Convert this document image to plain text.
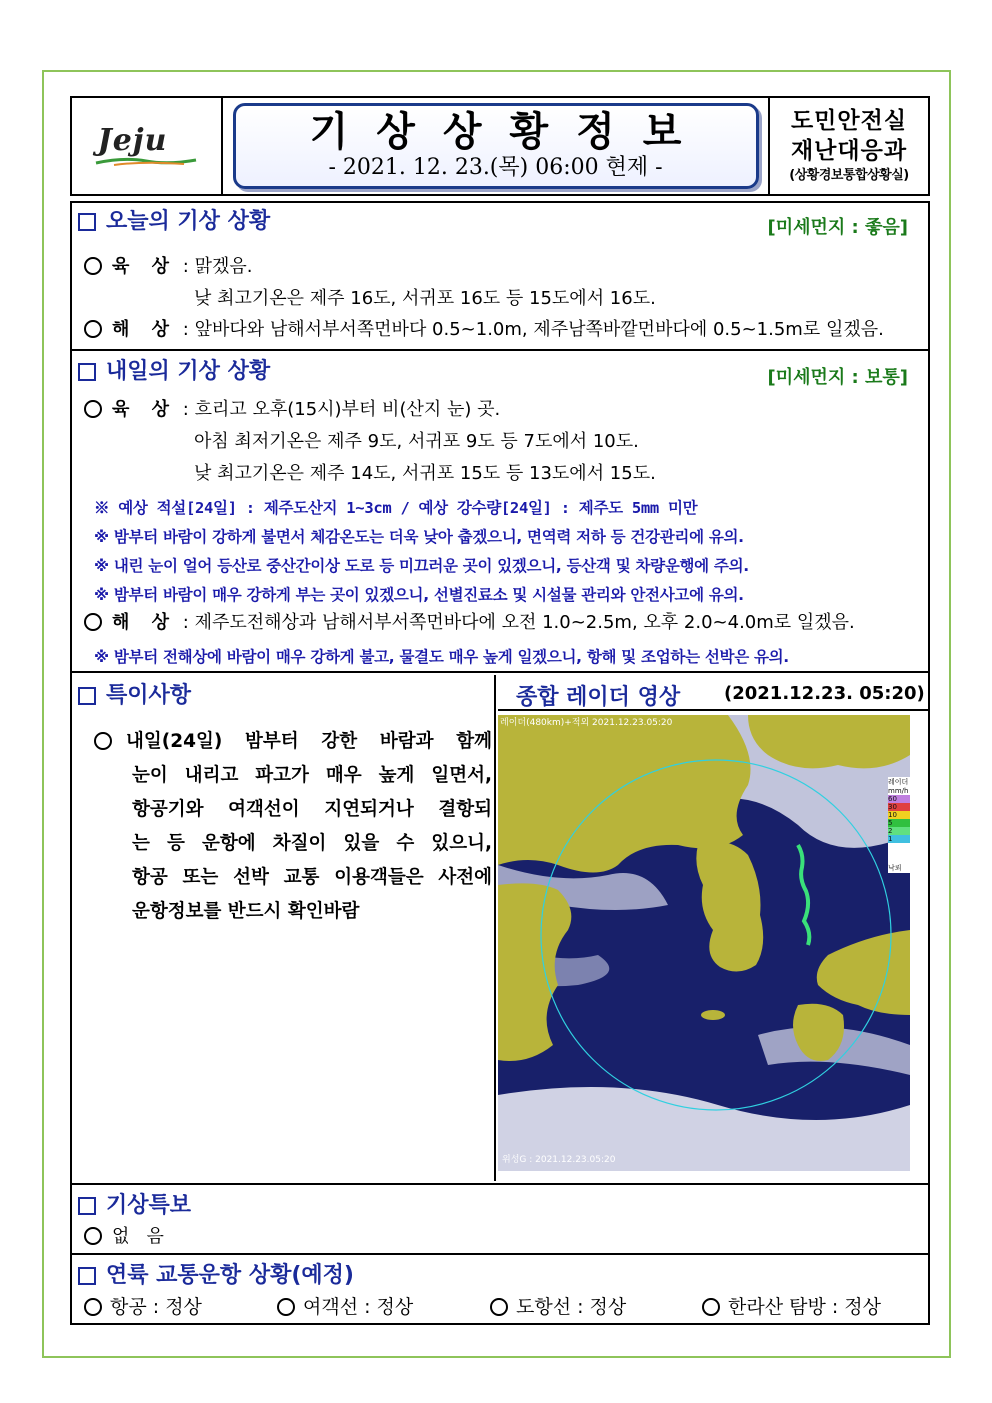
Jeju	기상상황정보
- 2021. 12. 23.(목) 06:00 현제 -
도민안전실
재난대응과
(상황경보통합상황실)
오늘의 기상 상황	[미세먼지 : 좋음]
육 상 : 맑겠음.
낮 최고기온은 제주 16도, 서귀포 16도 등 15도에서 16도.
해 상 : 앞바다와 남해서부서쪽먼바다 0.5~1.0m, 제주남쪽바깥먼바다에 0.5~1.5m로 일겠음.
내일의 기상 상황	[미세먼지 : 보통]
육 상 : 흐리고 오후(15시)부터 비(산지 눈) 곳.
아침 최저기온은 제주 9도, 서귀포 9도 등 7도에서 10도.
낮 최고기온은 제주 14도, 서귀포 15도 등 13도에서 15도.
※ 예상 적설[24일] : 제주도산지 1~3cm / 예상 강수량[24일] : 제주도 5mm 미만
※ 밤부터 바람이 강하게 불면서 체감온도는 더욱 낮아 춥겠으니, 면역력 저하 등 건강관리에 유의.
※ 내린 눈이 얼어 등산로 중산간이상 도로 등 미끄러운 곳이 있겠으니, 등산객 및 차량운행에 주의.
※ 밤부터 바람이 매우 강하게 부는 곳이 있겠으니, 선별진료소 및 시설물 관리와 안전사고에 유의.
해 상 : 제주도전해상과 남해서부서쪽먼바다에 오전 1.0~2.5m, 오후 2.0~4.0m로 일겠음.
※ 밤부터 전해상에 바람이 매우 강하게 불고, 물결도 매우 높게 일겠으니, 항해 및 조업하는 선박은 유의.
특이사항
내일(24일) 밤부터 강한 바람과 함께
눈이 내리고 파고가 매우 높게 일면서,
항공기와 여객선이 지연되거나 결항되
는 등 운항에 차질이 있을 수 있으니,
항공 또는 선박 교통 이용객들은 사전에
운항정보를 반드시 확인바람
종합 레이더 영상 (2021.12.23. 05:20)
레이더(480km)+적외 2021.12.23.05:20
위성G : 2021.12.23.05:20
레이더
mm/h
60
30
10
5
2
1
낙뢰
기상특보
없   음
연륙 교통운항 상황(예정)
항공 : 정상	여객선 : 정상	도항선 : 정상	한라산 탐방 : 정상
